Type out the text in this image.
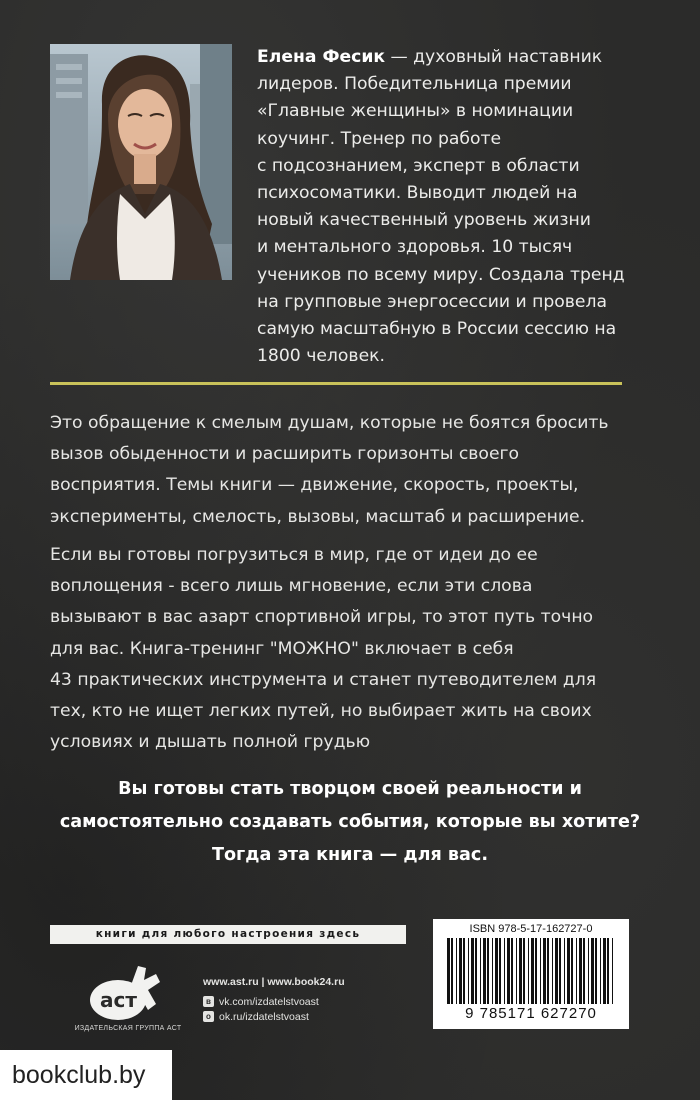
Елена Фесик — духовный наставник
лидеров. Победительница премии
«Главные женщины» в номинации
коучинг. Тренер по работе
с подсознанием, эксперт в области
психосоматики. Выводит людей на
новый качественный уровень жизни
и ментального здоровья. 10 тысяч
учеников по всему миру. Создала тренд
на групповые энергосессии и провела
самую масштабную в России сессию на
1800 человек.
Это обращение к смелым душам, которые не боятся бросить
вызов обыденности и расширить горизонты своего
восприятия. Темы книги — движение, скорость, проекты,
эксперименты, смелость, вызовы, масштаб и расширение.
Если вы готовы погрузиться в мир, где от идеи до ее
воплощения - всего лишь мгновение, если эти слова
вызывают в вас азарт спортивной игры, то этот путь точно
для вас. Книга-тренинг "МОЖНО" включает в себя
43 практических инструмента и станет путеводителем для
тех, кто не ищет легких путей, но выбирает жить на своих
условиях и дышать полной грудью
Вы готовы стать творцом своей реальности и
самостоятельно создавать события, которые вы хотите?
Тогда эта книга — для вас.
книги для любого настроения здесь
аст
ИЗДАТЕЛЬСКАЯ ГРУППА АСТ
www.ast.ru | www.book24.ru
в vk.com/izdatelstvoast
о ok.ru/izdatelstvoast
ISBN 978-5-17-162727-0
9 785171 627270
bookclub.by
